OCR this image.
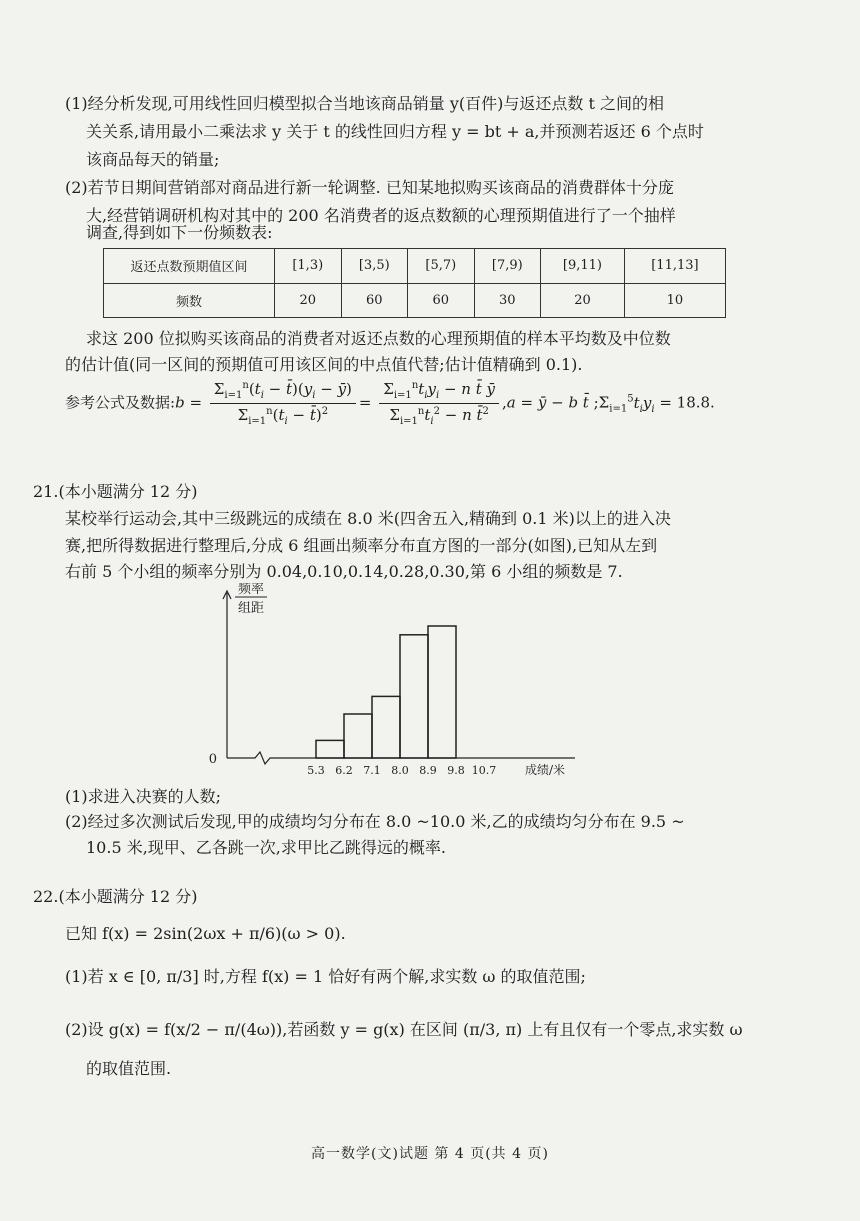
(1)经分析发现,可用线性回归模型拟合当地该商品销量 y(百件)与返还点数 t 之间的相
关关系,请用最小二乘法求 y 关于 t 的线性回归方程 y = bt + a,并预测若返还 6 个点时
该商品每天的销量;
(2)若节日期间营销部对商品进行新一轮调整. 已知某地拟购买该商品的消费群体十分庞
大,经营销调研机构对其中的 200 名消费者的返点数额的心理预期值进行了一个抽样
调查,得到如下一份频数表:
返还点数预期值区间	[1,3)	[3,5)	[5,7)	[7,9)	[9,11)	[11,13]
频数	20	60	60	30	20	10
求这 200 位拟购买该商品的消费者对返还点数的心理预期值的样本平均数及中位数
的估计值(同一区间的预期值可用该区间的中点值代替;估计值精确到 0.1).
参考公式及数据:b = $\frac{\Sigma_{i=1}^n(t_i - t̄)(y_i - ȳ)}{\Sigma_{i=1}^n(t_i - t̄)^2} = \frac{\Sigma_{i=1}^nt_iy_i - n t̄ ȳ}{\Sigma_{i=1}^nt_i^2 - n t̄^2} ,a$ = ȳ − b t̄ $;\Sigma_{i=1}^5t_iy_i = 18.8$.
21.(本小题满分 12 分)
某校举行运动会,其中三级跳远的成绩在 8.0 米(四舍五入,精确到 0.1 米)以上的进入决
赛,把所得数据进行整理后,分成 6 组画出频率分布直方图的一部分(如图),已知从左到
右前 5 个小组的频率分别为 0.04,0.10,0.14,0.28,0.30,第 6 小组的频数是 7.
频率
组距
0
5.3 6.2 7.1 8.0 8.9 9.8 10.7 成绩/米
(1)求进入决赛的人数;
(2)经过多次测试后发现,甲的成绩均匀分布在 8.0 ~10.0 米,乙的成绩均匀分布在 9.5 ~
10.5 米,现甲、乙各跳一次,求甲比乙跳得远的概率.
22.(本小题满分 12 分)
已知 f(x) = 2sin(2ωx + π/6)(ω > 0).
(1)若 x ∈ [0, π/3] 时,方程 f(x) = 1 恰好有两个解,求实数 ω 的取值范围;
(2)设 g(x) = f(x/2 − π/(4ω)),若函数 y = g(x) 在区间 (π/3, π) 上有且仅有一个零点,求实数 ω
的取值范围.
高一数学(文)试题 第 4 页(共 4 页)
